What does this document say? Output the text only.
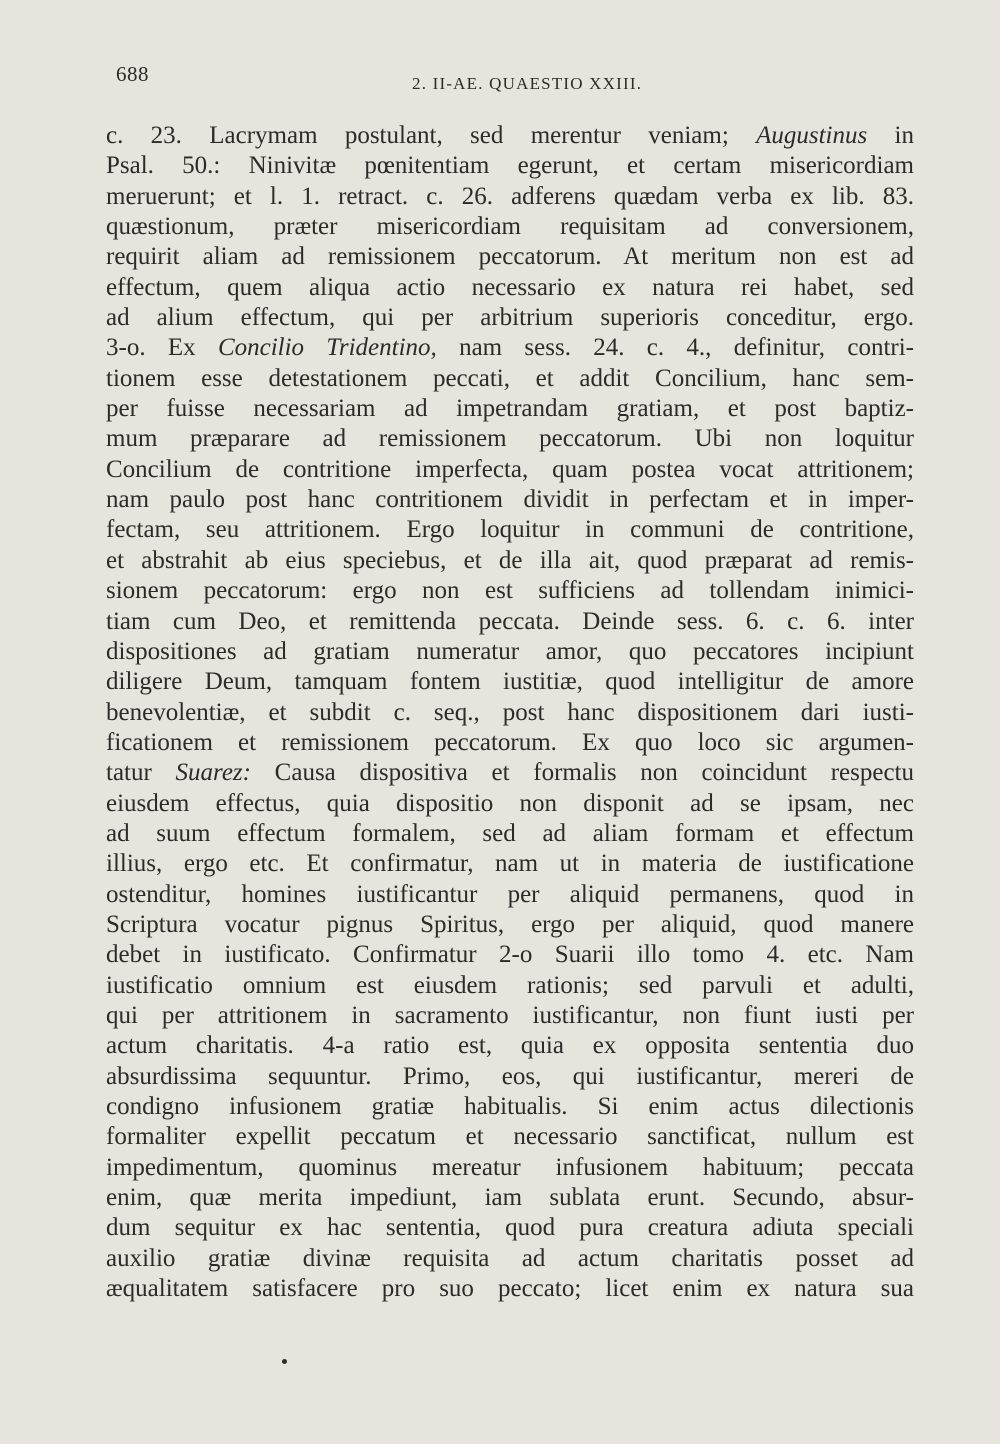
688	2. II-AE. QUAESTIO XXIII.
c. 23. Lacrymam postulant, sed merentur veniam; Augustinus in
Psal. 50.: Ninivitæ pœnitentiam egerunt, et certam misericordiam
meruerunt; et l. 1. retract. c. 26. adferens quædam verba ex lib. 83.
quæstionum, præter misericordiam requisitam ad conversionem,
requirit aliam ad remissionem peccatorum. At meritum non est ad
effectum, quem aliqua actio necessario ex natura rei habet, sed
ad alium effectum, qui per arbitrium superioris conceditur, ergo.
3-o. Ex Concilio Tridentino, nam sess. 24. c. 4., definitur, contri-
tionem esse detestationem peccati, et addit Concilium, hanc sem-
per fuisse necessariam ad impetrandam gratiam, et post baptiz-
mum præparare ad remissionem peccatorum. Ubi non loquitur
Concilium de contritione imperfecta, quam postea vocat attritionem;
nam paulo post hanc contritionem dividit in perfectam et in imper-
fectam, seu attritionem. Ergo loquitur in communi de contritione,
et abstrahit ab eius speciebus, et de illa ait, quod præparat ad remis-
sionem peccatorum: ergo non est sufficiens ad tollendam inimici-
tiam cum Deo, et remittenda peccata. Deinde sess. 6. c. 6. inter
dispositiones ad gratiam numeratur amor, quo peccatores incipiunt
diligere Deum, tamquam fontem iustitiæ, quod intelligitur de amore
benevolentiæ, et subdit c. seq., post hanc dispositionem dari iusti-
ficationem et remissionem peccatorum. Ex quo loco sic argumen-
tatur Suarez: Causa dispositiva et formalis non coincidunt respectu
eiusdem effectus, quia dispositio non disponit ad se ipsam, nec
ad suum effectum formalem, sed ad aliam formam et effectum
illius, ergo etc. Et confirmatur, nam ut in materia de iustificatione
ostenditur, homines iustificantur per aliquid permanens, quod in
Scriptura vocatur pignus Spiritus, ergo per aliquid, quod manere
debet in iustificato. Confirmatur 2-o Suarii illo tomo 4. etc. Nam
iustificatio omnium est eiusdem rationis; sed parvuli et adulti,
qui per attritionem in sacramento iustificantur, non fiunt iusti per
actum charitatis. 4-a ratio est, quia ex opposita sententia duo
absurdissima sequuntur. Primo, eos, qui iustificantur, mereri de
condigno infusionem gratiæ habitualis. Si enim actus dilectionis
formaliter expellit peccatum et necessario sanctificat, nullum est
impedimentum, quominus mereatur infusionem habituum; peccata
enim, quæ merita impediunt, iam sublata erunt. Secundo, absur-
dum sequitur ex hac sententia, quod pura creatura adiuta speciali
auxilio gratiæ divinæ requisita ad actum charitatis posset ad
æqualitatem satisfacere pro suo peccato; licet enim ex natura sua
